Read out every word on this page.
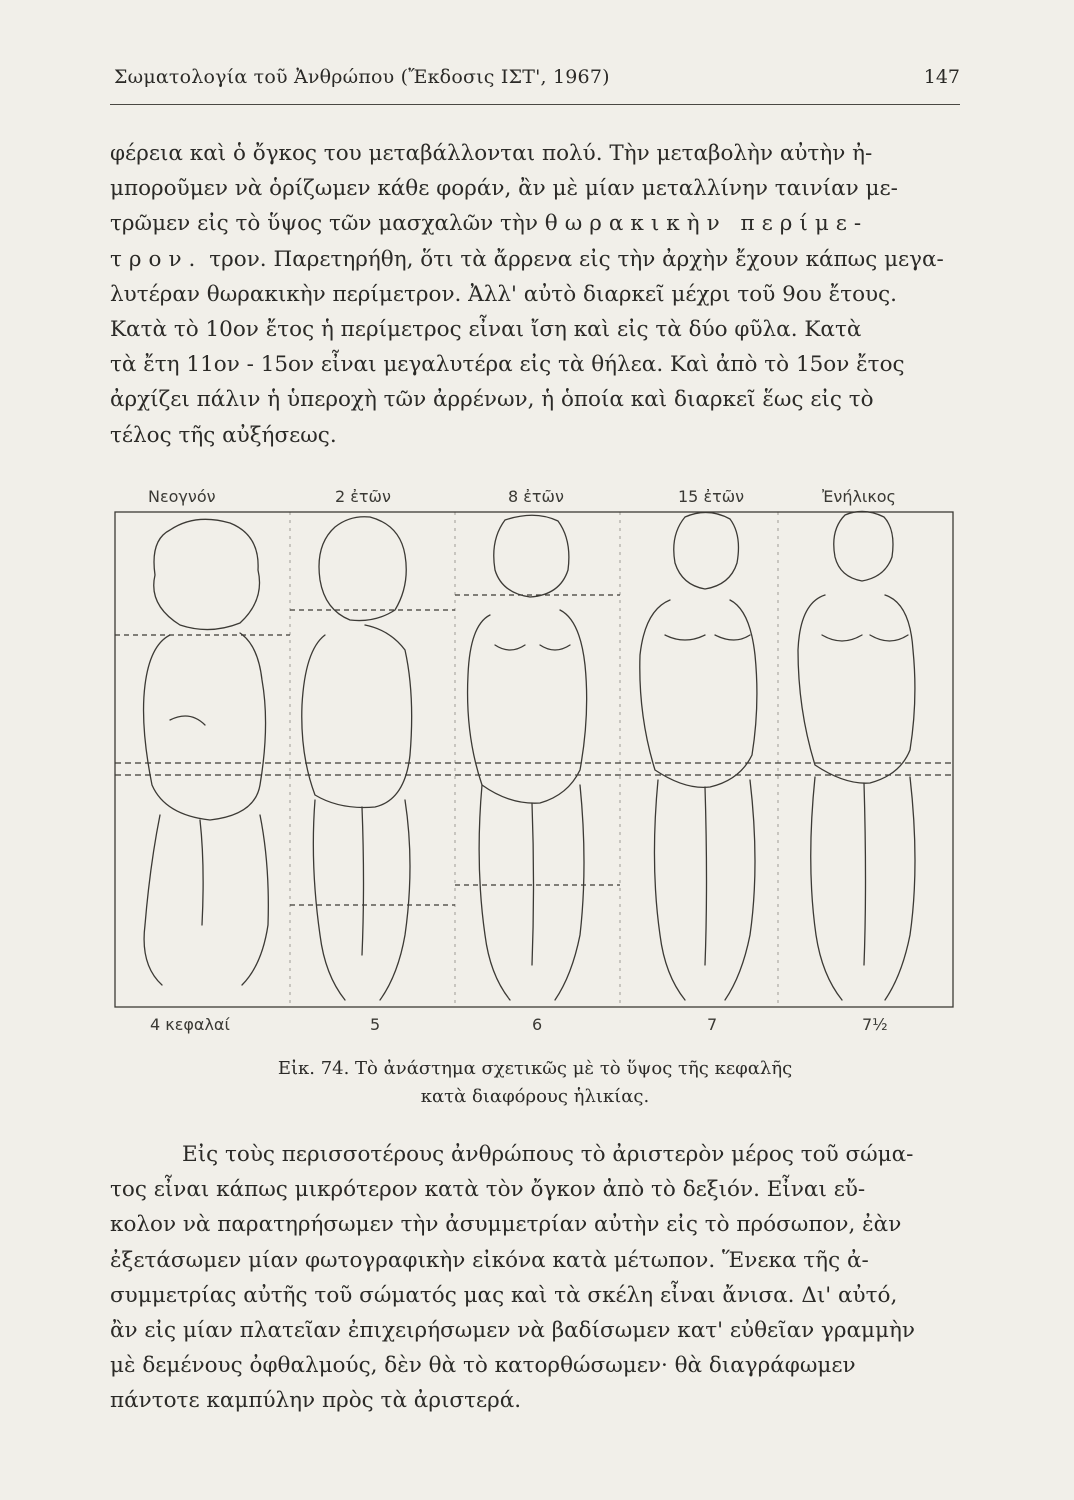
Σωματολογία τοῦ Ἀνθρώπου (Ἔκδοσις ΙΣΤ', 1967)	147
φέρεια καὶ ὁ ὄγκος του μεταβάλλονται πολύ. Τὴν μεταβολὴν αὐτὴν ἠ-
μποροῦμεν νὰ ὁρίζωμεν κάθε φοράν, ἂν μὲ μίαν μεταλλίνην ταινίαν με-
τρῶμεν εἰς τὸ ὕψος τῶν μασχαλῶν τὴν θωρακικὴν περίμε-
τρον. τρον. Παρετηρήθη, ὅτι τὰ ἄρρενα εἰς τὴν ἀρχὴν ἔχουν κάπως μεγα-
λυτέραν θωρακικὴν περίμετρον. Ἀλλ' αὐτὸ διαρκεῖ μέχρι τοῦ 9ου ἔτους.
Κατὰ τὸ 10ον ἔτος ἡ περίμετρος εἶναι ἴση καὶ εἰς τὰ δύο φῦλα. Κατὰ
τὰ ἔτη 11ον - 15ον εἶναι μεγαλυτέρα εἰς τὰ θήλεα. Καὶ ἀπὸ τὸ 15ον ἔτος
ἀρχίζει πάλιν ἡ ὑπεροχὴ τῶν ἀρρένων, ἡ ὁποία καὶ διαρκεῖ ἕως εἰς τὸ
τέλος τῆς αὐξήσεως.
Νεογνόν	2 ἐτῶν	8 ἐτῶν	15 ἐτῶν	Ἐνήλικος
4 κεφαλαί	5	6	7	7½
Εἰκ. 74. Τὸ ἀνάστημα σχετικῶς μὲ τὸ ὕψος τῆς κεφαλῆς
κατὰ διαφόρους ἡλικίας.
Εἰς τοὺς περισσοτέρους ἀνθρώπους τὸ ἀριστερὸν μέρος τοῦ σώμα-
τος εἶναι κάπως μικρότερον κατὰ τὸν ὄγκον ἀπὸ τὸ δεξιόν. Εἶναι εὔ-
κολον νὰ παρατηρήσωμεν τὴν ἀσυμμετρίαν αὐτὴν εἰς τὸ πρόσωπον, ἐὰν
ἐξετάσωμεν μίαν φωτογραφικὴν εἰκόνα κατὰ μέτωπον. Ἕνεκα τῆς ἀ-
συμμετρίας αὐτῆς τοῦ σώματός μας καὶ τὰ σκέλη εἶναι ἄνισα. Δι' αὐτό,
ἂν εἰς μίαν πλατεῖαν ἐπιχειρήσωμεν νὰ βαδίσωμεν κατ' εὐθεῖαν γραμμὴν
μὲ δεμένους ὀφθαλμούς, δὲν θὰ τὸ κατορθώσωμεν· θὰ διαγράφωμεν
πάντοτε καμπύλην πρὸς τὰ ἀριστερά.
